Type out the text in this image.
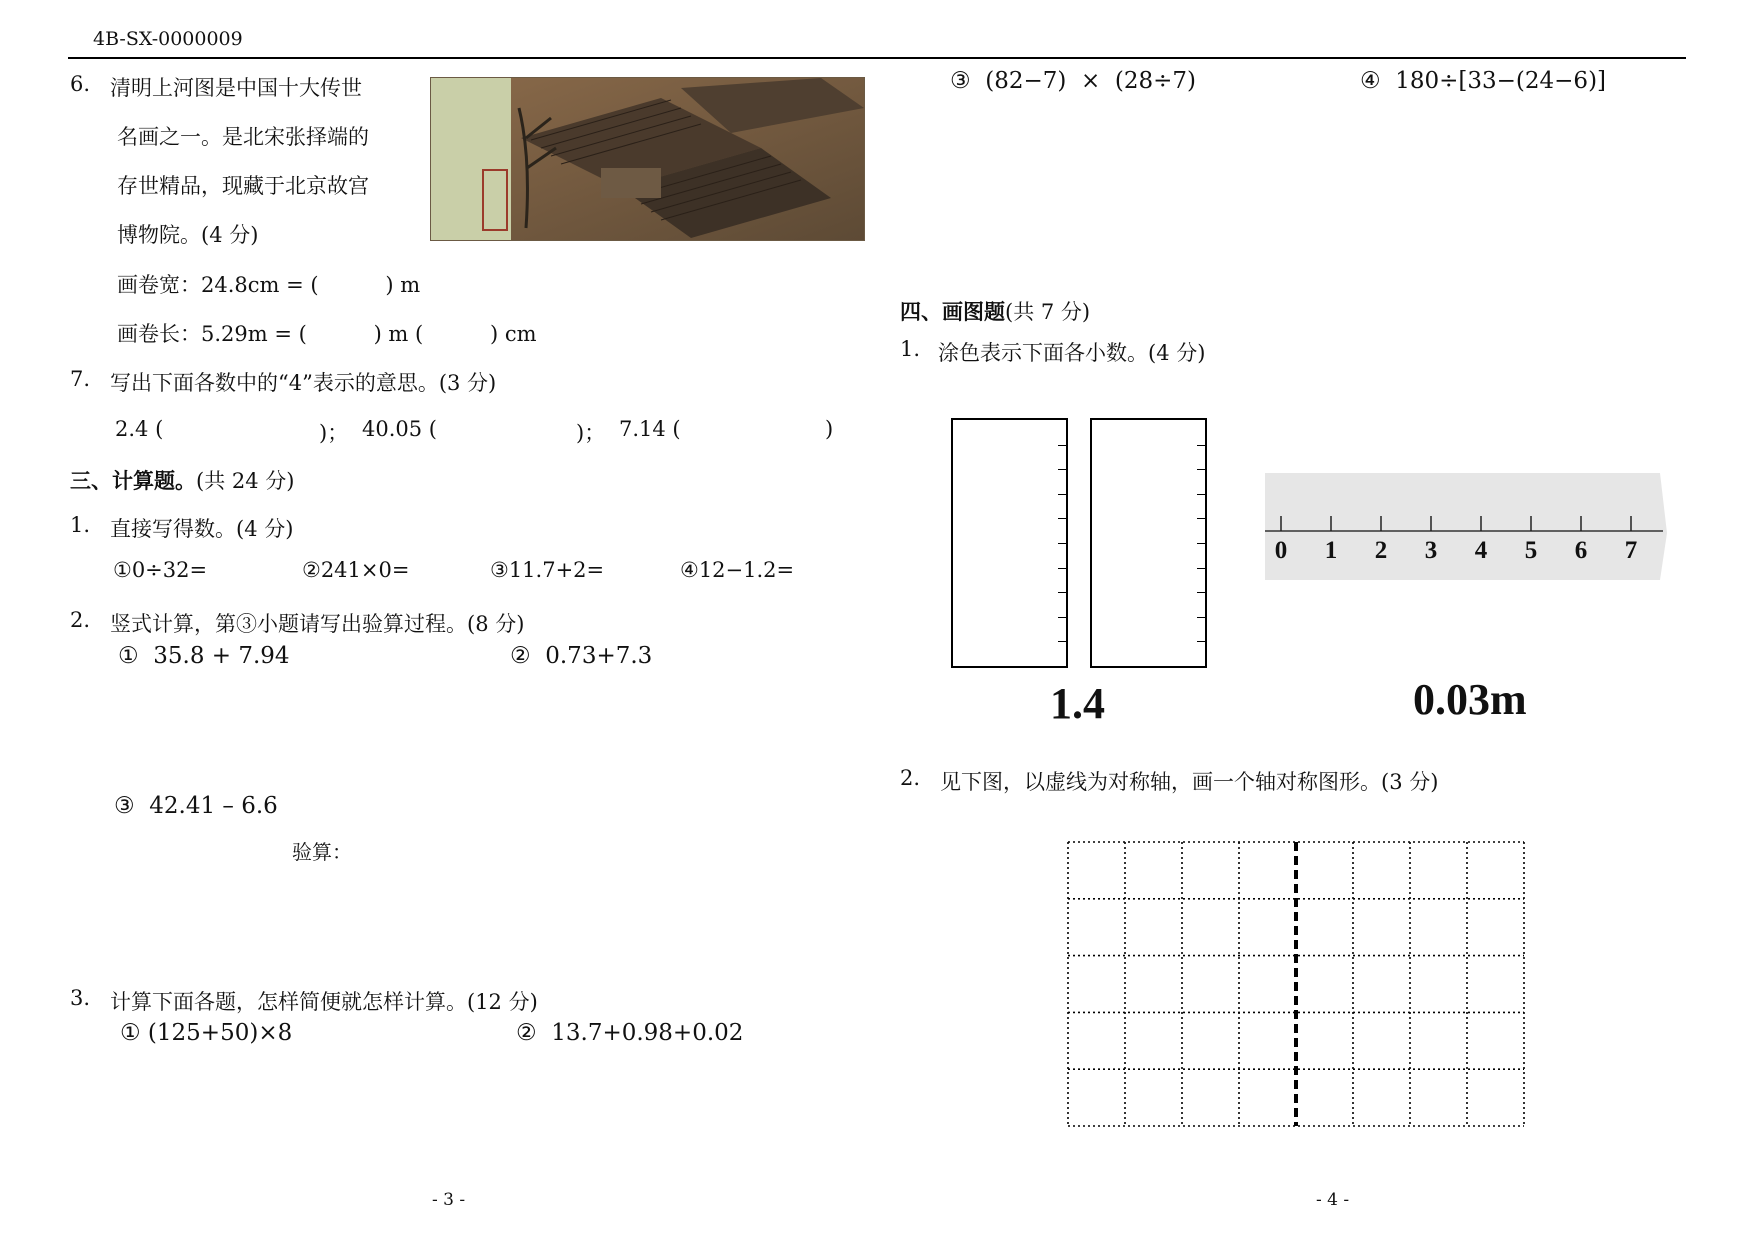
4B-SX-0000009
6. 清明上河图是中国十大传世
名画之一。是北宋张择端的
存世精品，现藏于北京故宫
博物院。(4 分)
画卷宽：24.8cm = (          ) m
画卷长：5.29m = (          ) m (          ) cm
7. 写出下面各数中的“4”表示的意思。(3 分)
2.4 (	)； 40.05 (	)； 7.14 (	)
三、计算题。(共 24 分)
1. 直接写得数。(4 分)
①0÷32=	②241×0=	③11.7+2=	④12−1.2=
2. 竖式计算，第③小题请写出验算过程。(8 分)
①  35.8 + 7.94	②  0.73+7.3
③  42.41 – 6.6
验算：
3. 计算下面各题，怎样简便就怎样计算。(12 分)
① (125+50)×8	②  13.7+0.98+0.02
- 3 -
③  (82−7)  ×  (28÷7)	④  180÷[33−(24−6)]
四、画图题(共 7 分)
1. 涂色表示下面各小数。(4 分)
1.4
0 1 2 3 4 5 6 7
0.03m
2. 见下图，以虚线为对称轴，画一个轴对称图形。(3 分)
- 4 -
